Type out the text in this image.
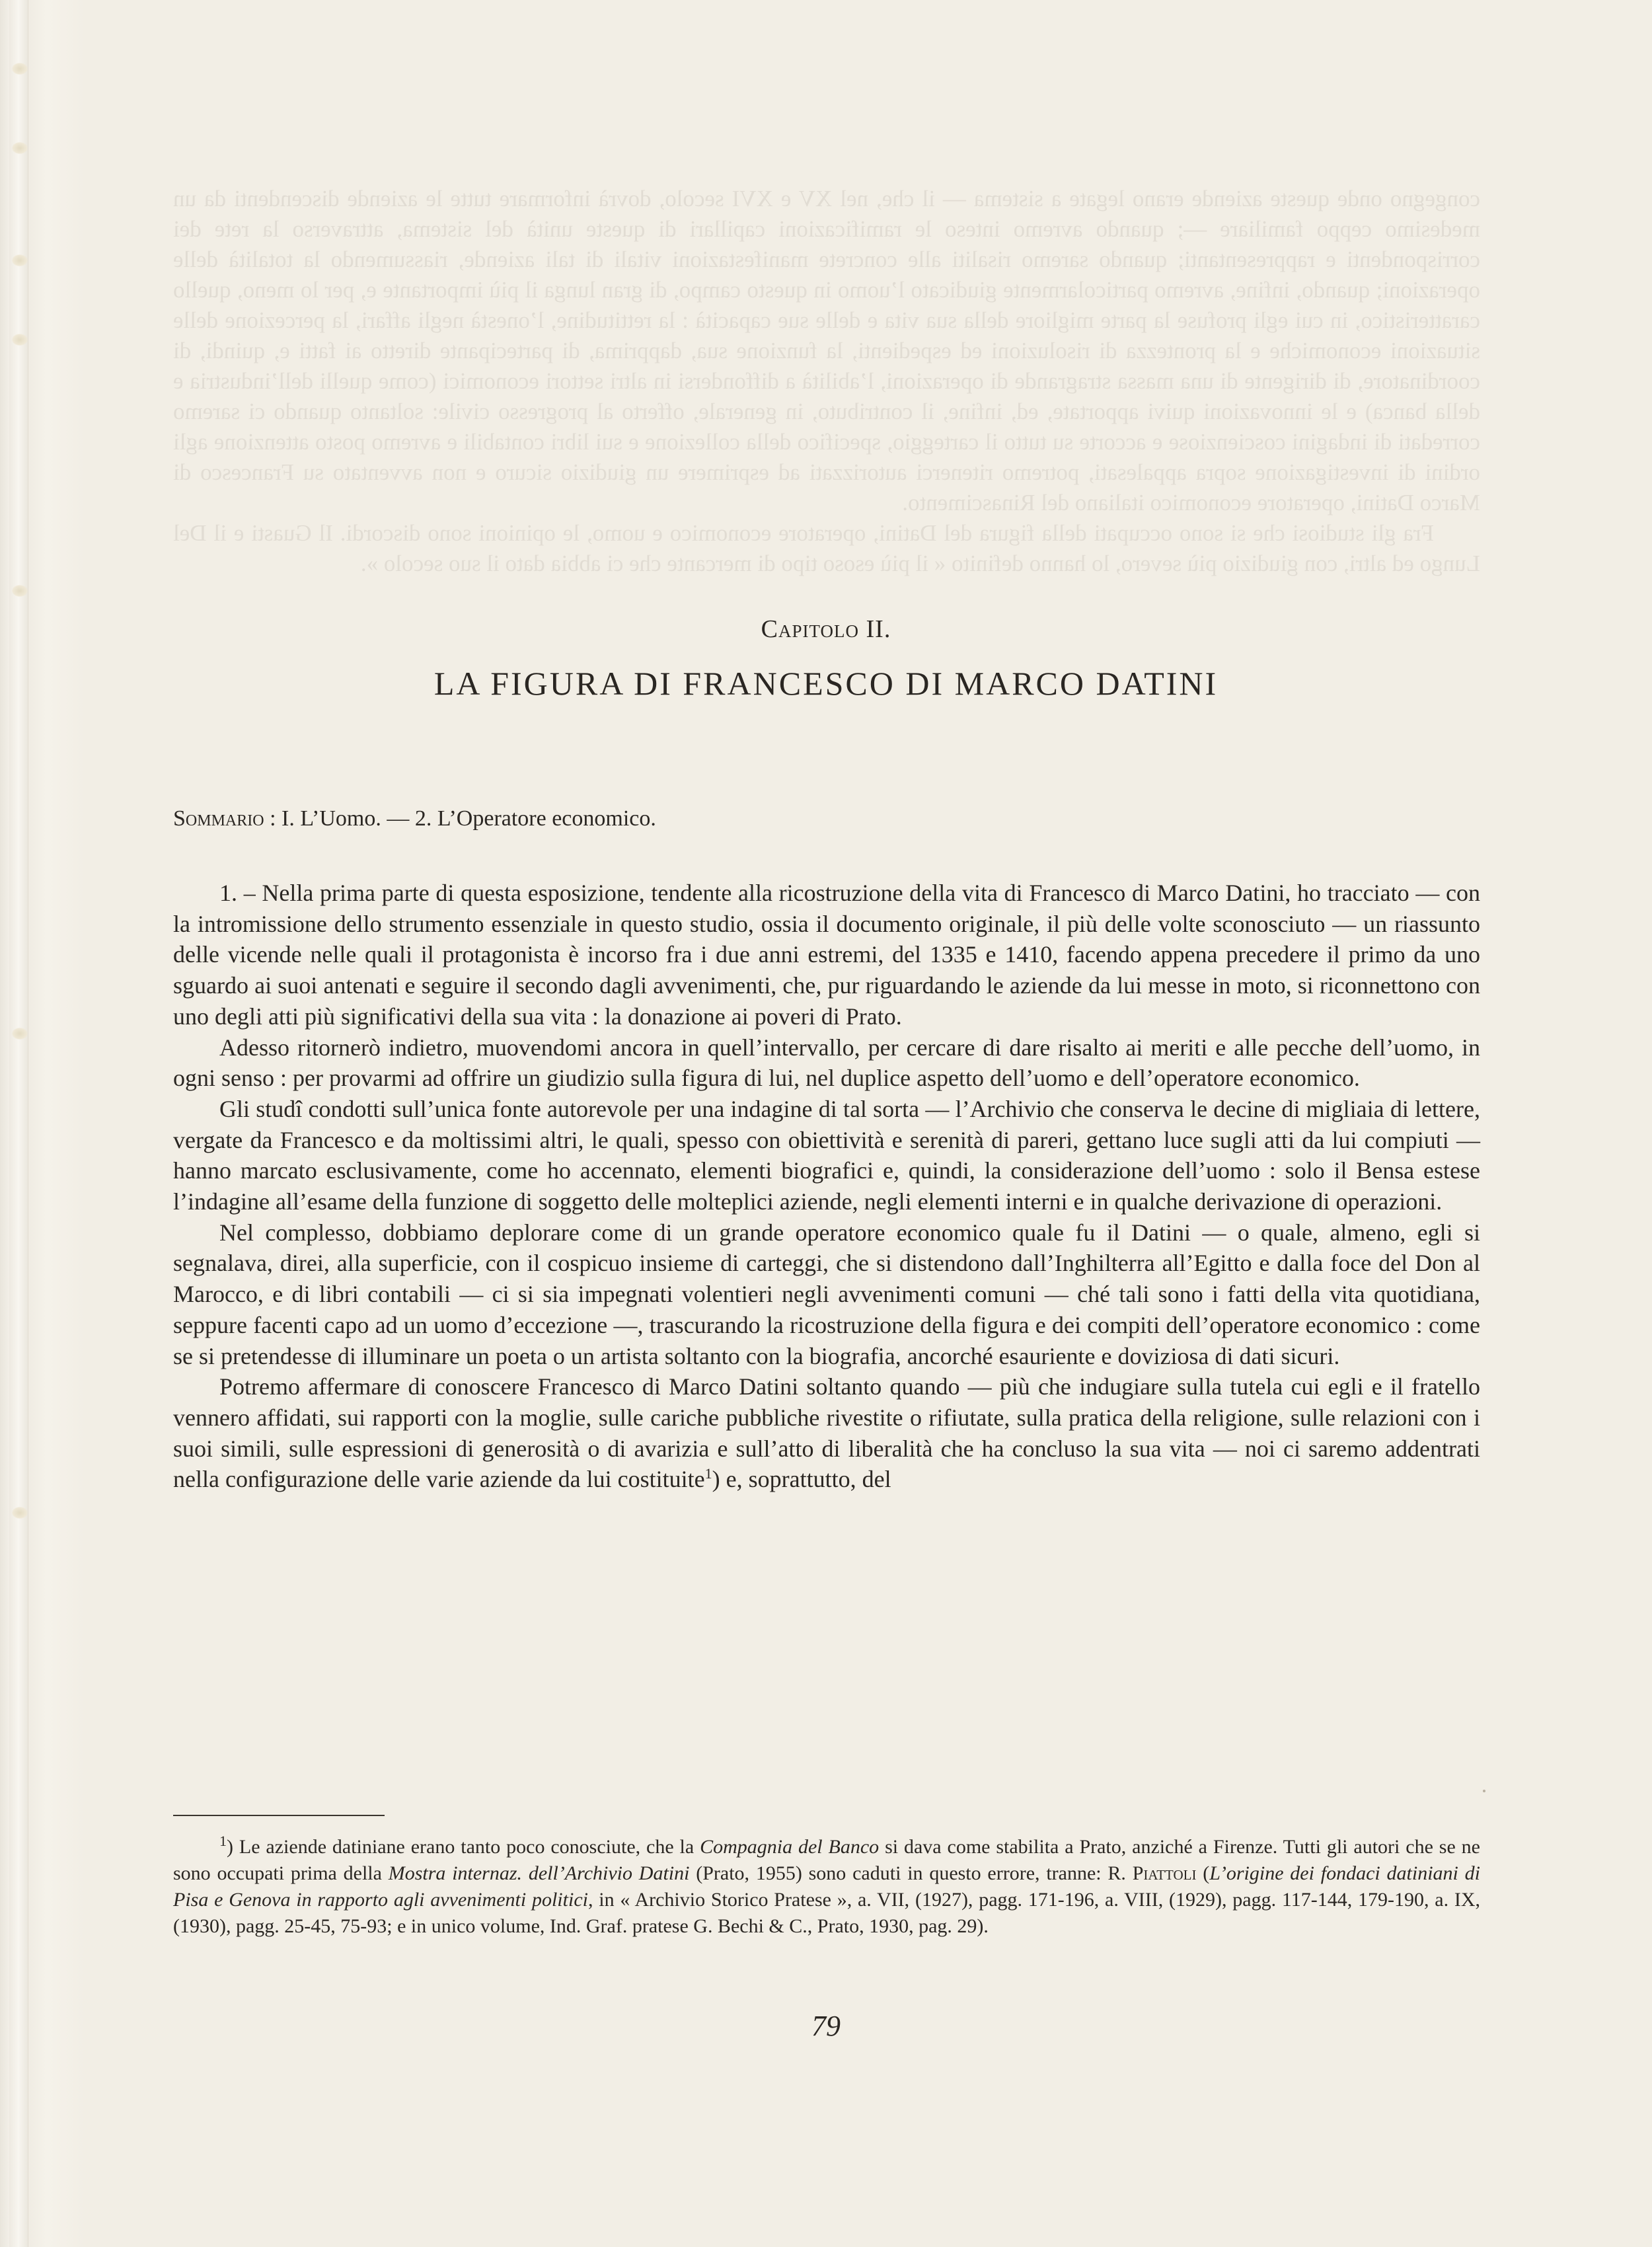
congegno onde queste aziende erano legate a sistema — il che, nel XV e XVI secolo, dovrà informare tutte le aziende discendenti da un medesimo ceppo familiare —; quando avremo inteso le ramificazioni capillari di queste unità del sistema, attraverso la rete dei corrispondenti e rappresentanti; quando saremo risaliti alle concrete manifestazioni vitali di tali aziende, riassumendo la totalità delle operazioni; quando, infine, avremo particolarmente giudicato l’uomo in questo campo, di gran lunga il più importante e, per lo meno, quello caratteristico, in cui egli profuse la parte migliore della sua vita e delle sue capacità : la rettitudine, l’onestà negli affari, la percezione delle situazioni economiche e la prontezza di risoluzioni ed espedienti, la funzione sua, dapprima, di partecipante diretto ai fatti e, quindi, di coordinatore, di dirigente di una massa stragrande di operazioni, l’abilità a diffondersi in altri settori economici (come quelli dell’industria e della banca) e le innovazioni quivi apportate, ed, infine, il contributo, in generale, offerto al progresso civile: soltanto quando ci saremo corredati di indagini coscienziose e accorte su tutto il carteggio, specifico della collezione e sui libri contabili e avremo posto attenzione agli ordini di investigazione sopra appalesati, potremo ritenerci autorizzati ad esprimere un giudizio sicuro e non avventato su Francesco di Marco Datini, operatore economico italiano del Rinascimento.

Fra gli studiosi che si sono occupati della figura del Datini, operatore economico e uomo, le opinioni sono discordi. Il Guasti e il Del Lungo ed altri, con giudizio più severo, lo hanno definito « il più esoso tipo di mercante che ci abbia dato il suo secolo ».

Capitolo II.
LA FIGURA DI FRANCESCO DI MARCO DATINI
Sommario : I. L’Uomo. — 2. L’Operatore economico.

1. – Nella prima parte di questa esposizione, tendente alla ricostruzione della vita di Francesco di Marco Datini, ho tracciato — con la intromissione dello strumento essenziale in questo studio, ossia il documento originale, il più delle volte sconosciuto — un riassunto delle vicende nelle quali il protagonista è incorso fra i due anni estremi, del 1335 e 1410, facendo appena precedere il primo da uno sguardo ai suoi antenati e seguire il secondo dagli avvenimenti, che, pur riguardando le aziende da lui messe in moto, si riconnettono con uno degli atti più significativi della sua vita : la donazione ai poveri di Prato.

Adesso ritornerò indietro, muovendomi ancora in quell’intervallo, per cercare di dare risalto ai meriti e alle pecche dell’uomo, in ogni senso : per provarmi ad offrire un giudizio sulla figura di lui, nel duplice aspetto dell’uomo e dell’operatore economico.

Gli studî condotti sull’unica fonte autorevole per una indagine di tal sorta — l’Archivio che conserva le decine di migliaia di lettere, vergate da Francesco e da moltissimi altri, le quali, spesso con obiettività e serenità di pareri, gettano luce sugli atti da lui compiuti — hanno marcato esclusivamente, come ho accennato, elementi biografici e, quindi, la considerazione dell’uomo : solo il Bensa estese l’indagine all’esame della funzione di soggetto delle molteplici aziende, negli elementi interni e in qualche derivazione di operazioni.

Nel complesso, dobbiamo deplorare come di un grande operatore economico quale fu il Datini — o quale, almeno, egli si segnalava, direi, alla superficie, con il cospicuo insieme di carteggi, che si distendono dall’Inghilterra all’Egitto e dalla foce del Don al Marocco, e di libri contabili — ci si sia impegnati volentieri negli avvenimenti comuni — ché tali sono i fatti della vita quotidiana, seppure facenti capo ad un uomo d’eccezione —, trascurando la ricostruzione della figura e dei compiti dell’operatore economico : come se si pretendesse di illuminare un poeta o un artista soltanto con la biografia, ancorché esauriente e doviziosa di dati sicuri.

Potremo affermare di conoscere Francesco di Marco Datini soltanto quando — più che indugiare sulla tutela cui egli e il fratello vennero affidati, sui rapporti con la moglie, sulle cariche pubbliche rivestite o rifiutate, sulla pratica della religione, sulle relazioni con i suoi simili, sulle espressioni di generosità o di avarizia e sull’atto di liberalità che ha concluso la sua vita — noi ci saremo addentrati nella configurazione delle varie aziende da lui costituite$^1$) e, soprattutto, del

$^1$) Le aziende datiniane erano tanto poco conosciute, che la Compagnia del Banco si dava come stabilita a Prato, anziché a Firenze. Tutti gli autori che se ne sono occupati prima della Mostra internaz. dell’Archivio Datini (Prato, 1955) sono caduti in questo errore, tranne: R. Piattoli (L’origine dei fondaci datiniani di Pisa e Genova in rapporto agli avvenimenti politici, in « Archivio Storico Pratese », a. VII, (1927), pagg. 171-196, a. VIII, (1929), pagg. 117-144, 179-190, a. IX, (1930), pagg. 25-45, 75-93; e in unico volume, Ind. Graf. pratese G. Bechi & C., Prato, 1930, pag. 29).

79
